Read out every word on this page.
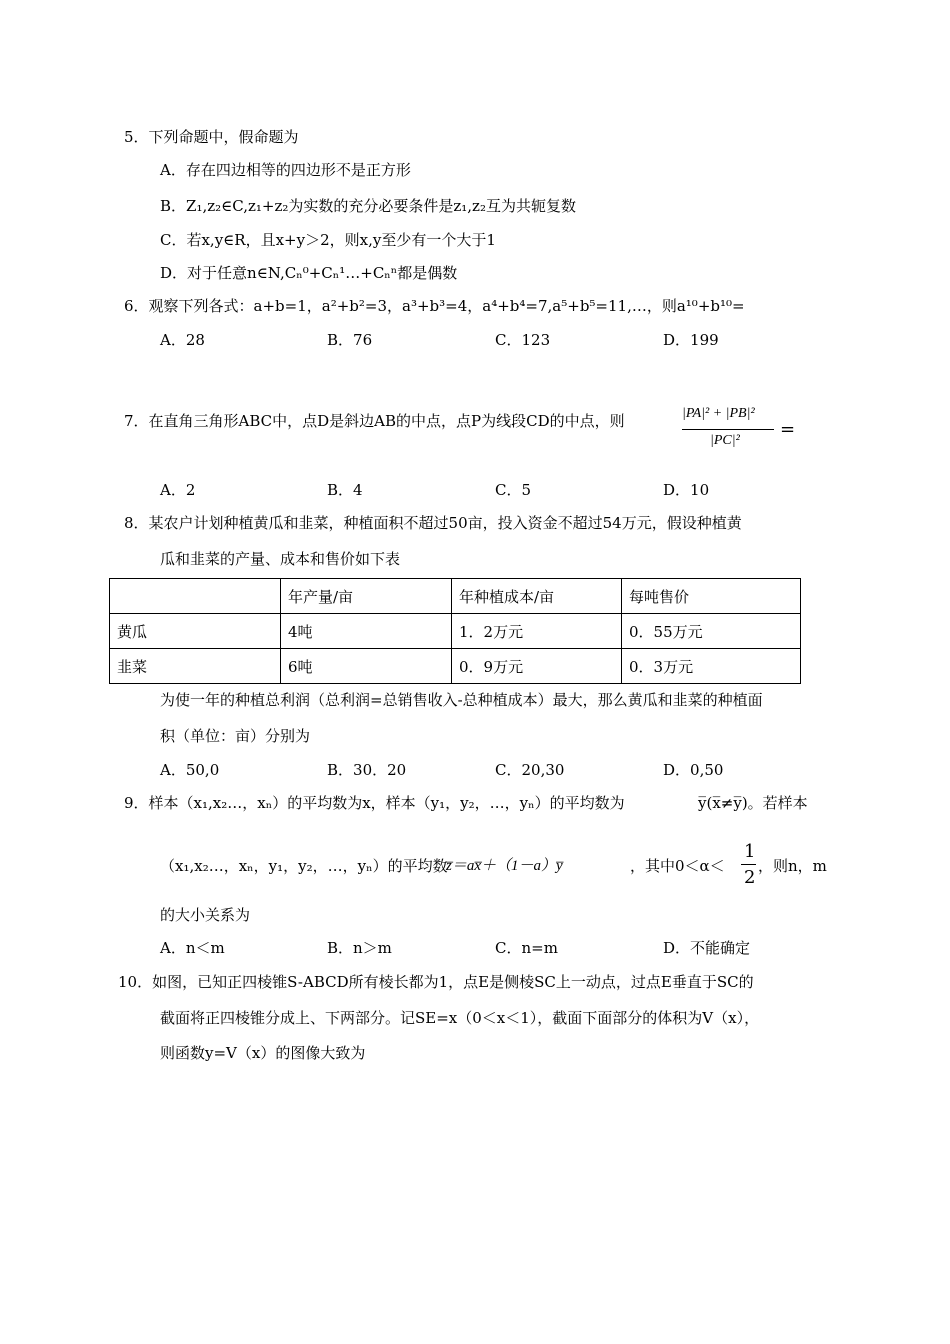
5．下列命题中，假命题为
A．存在四边相等的四边形不是正方形
B．Z₁,z₂∈C,z₁+z₂为实数的充分必要条件是z₁,z₂互为共轭复数
C．若x,y∈R，且x+y＞2，则x,y至少有一个大于1
D．对于任意n∈N,Cₙ⁰+Cₙ¹…+Cₙⁿ都是偶数
6．观察下列各式：a+b=1，a²+b²=3，a³+b³=4，a⁴+b⁴=7,a⁵+b⁵=11,…，则a¹⁰+b¹⁰=
A．28	B．76	C．123	D．199
7．在直角三角形ABC中，点D是斜边AB的中点，点P为线段CD的中点，则	|PA|² + |PB|²
|PC|²
=
A．2	B．4	C．5	D．10
8．某农户计划种植黄瓜和韭菜，种植面积不超过50亩，投入资金不超过54万元，假设种植黄
瓜和韭菜的产量、成本和售价如下表
	年产量/亩	年种植成本/亩	每吨售价
黄瓜	4吨	1．2万元	0．55万元
韭菜	6吨	0．9万元	0．3万元
为使一年的种植总利润（总利润=总销售收入-总种植成本）最大，那么黄瓜和韭菜的种植面
积（单位：亩）分别为
A．50,0	B．30．20	C．20,30	D．0,50
9．样本（x₁,x₂…，xₙ）的平均数为x，样本（y₁，y₂，…，yₙ）的平均数为	y̅(x̅≠y̅)。若样本
（x₁,x₂…，xₙ，y₁，y₂，…，yₙ）的平均数
z̅＝ax̅＋（1－a）y̅	，其中0＜α＜
1
2
，则n，m
的大小关系为
A．n＜m	B．n＞m	C．n=m	D．不能确定
10．如图，已知正四棱锥S-ABCD所有棱长都为1，点E是侧棱SC上一动点，过点E垂直于SC的
截面将正四棱锥分成上、下两部分。记SE=x（0＜x＜1），截面下面部分的体积为V（x），
则函数y=V（x）的图像大致为
